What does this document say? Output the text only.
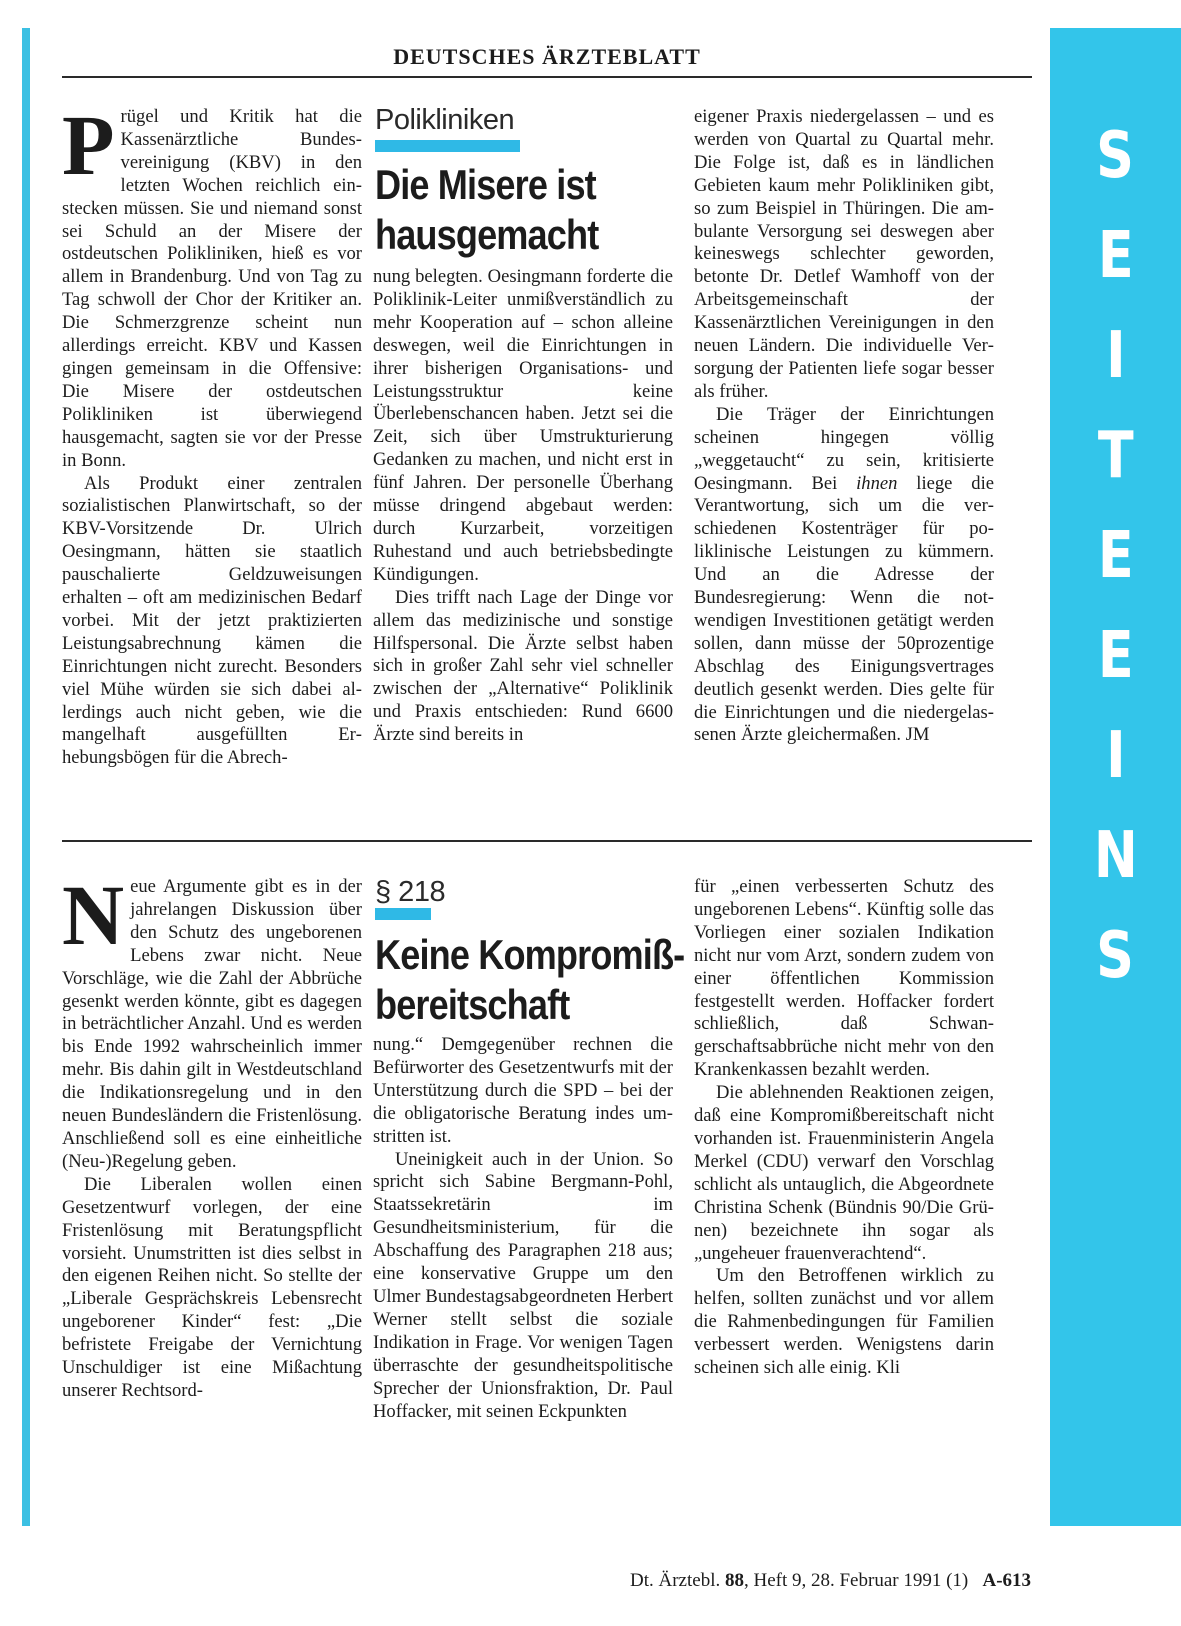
S
E
I
T
E
E
I
N
S
DEUTSCHES ÄRZTEBLATT

Prügel und Kritik hat die Kassenärztliche Bundesvereinigung (KBV) in den letzten Wochen reichlich einstecken müssen. Sie und niemand sonst sei Schuld an der Misere der ostdeutschen Polikliniken, hieß es vor allem in Brandenburg. Und von Tag zu Tag schwoll der Chor der Kritiker an. Die Schmerzgrenze scheint nun allerdings erreicht. KBV und Kassen gingen gemeinsam in die Offensive: Die Misere der ostdeutschen Polikliniken ist überwiegend hausgemacht, sagten sie vor der Presse in Bonn.

Als Produkt einer zentralen sozialistischen Planwirtschaft, so der KBV-Vorsitzende Dr. Ulrich Oesingmann, hätten sie staatlich pauschalierte Geldzuweisungen erhalten – oft am medizinischen Bedarf vorbei. Mit der jetzt praktizierten Leistungsabrechnung kämen die Einrichtungen nicht zurecht. Besonders viel Mühe würden sie sich dabei allerdings auch nicht geben, wie die mangelhaft ausgefüllten Erhebungsbögen für die Abrech-

Polikliniken
Die Misere ist
hausgemacht

nung belegten. Oesingmann forderte die Poliklinik-Leiter unmißverständlich zu mehr Kooperation auf – schon alleine deswegen, weil die Einrichtungen in ihrer bisherigen Organisations- und Leistungsstruktur keine Überlebenschancen haben. Jetzt sei die Zeit, sich über Umstrukturierung Gedanken zu machen, und nicht erst in fünf Jahren. Der personelle Überhang müsse dringend abgebaut werden: durch Kurzarbeit, vorzeitigen Ruhestand und auch betriebsbedingte Kündigungen.

Dies trifft nach Lage der Dinge vor allem das medizinische und sonstige Hilfspersonal. Die Ärzte selbst haben sich in großer Zahl sehr viel schneller zwischen der „Alternative“ Poliklinik und Praxis entschieden: Rund 6600 Ärzte sind bereits in

eigener Praxis niedergelassen – und es werden von Quartal zu Quartal mehr. Die Folge ist, daß es in ländlichen Gebieten kaum mehr Polikliniken gibt, so zum Beispiel in Thüringen. Die ambulante Versorgung sei deswegen aber keineswegs schlechter geworden, betonte Dr. Detlef Wamhoff von der Arbeitsgemeinschaft der Kassenärztlichen Vereinigungen in den neuen Ländern. Die individuelle Versorgung der Patienten liefe sogar besser als früher.

Die Träger der Einrichtungen scheinen hingegen völlig „weggetaucht“ zu sein, kritisierte Oesingmann. Bei ihnen liege die Verantwortung, sich um die verschiedenen Kostenträger für poliklinische Leistungen zu kümmern. Und an die Adresse der Bundesregierung: Wenn die notwendigen Investitionen getätigt werden sollen, dann müsse der 50prozentige Abschlag des Einigungsvertrages deutlich gesenkt werden. Dies gelte für die Einrichtungen und die niedergelassenen Ärzte gleichermaßen. JM

Neue Argumente gibt es in der jahrelangen Diskussion über den Schutz des ungeborenen Lebens zwar nicht. Neue Vorschläge, wie die Zahl der Abbrüche gesenkt werden könnte, gibt es dagegen in beträchtlicher Anzahl. Und es werden bis Ende 1992 wahrscheinlich immer mehr. Bis dahin gilt in Westdeutschland die Indikationsregelung und in den neuen Bundesländern die Fristenlösung. Anschließend soll es eine einheitliche (Neu-)Regelung geben.

Die Liberalen wollen einen Gesetzentwurf vorlegen, der eine Fristenlösung mit Beratungspflicht vorsieht. Unumstritten ist dies selbst in den eigenen Reihen nicht. So stellte der „Liberale Gesprächskreis Lebensrecht ungeborener Kinder“ fest: „Die befristete Freigabe der Vernichtung Unschuldiger ist eine Mißachtung unserer Rechtsord-

§ 218
Keine Kompromiß-
bereitschaft

nung.“ Demgegenüber rechnen die Befürworter des Gesetzentwurfs mit der Unterstützung durch die SPD – bei der die obligatorische Beratung indes umstritten ist.

Uneinigkeit auch in der Union. So spricht sich Sabine Bergmann-Pohl, Staatssekretärin im Gesundheitsministerium, für die Abschaffung des Paragraphen 218 aus; eine konservative Gruppe um den Ulmer Bundestagsabgeordneten Herbert Werner stellt selbst die soziale Indikation in Frage. Vor wenigen Tagen überraschte der gesundheitspolitische Sprecher der Unionsfraktion, Dr. Paul Hoffacker, mit seinen Eckpunkten

für „einen verbesserten Schutz des ungeborenen Lebens“. Künftig solle das Vorliegen einer sozialen Indikation nicht nur vom Arzt, sondern zudem von einer öffentlichen Kommission festgestellt werden. Hoffacker fordert schließlich, daß Schwangerschaftsabbrüche nicht mehr von den Krankenkassen bezahlt werden.

Die ablehnenden Reaktionen zeigen, daß eine Kompromißbereitschaft nicht vorhanden ist. Frauenministerin Angela Merkel (CDU) verwarf den Vorschlag schlicht als untauglich, die Abgeordnete Christina Schenk (Bündnis 90/Die Grünen) bezeichnete ihn sogar als „ungeheuer frauenverachtend“.

Um den Betroffenen wirklich zu helfen, sollten zunächst und vor allem die Rahmenbedingungen für Familien verbessert werden. Wenigstens darin scheinen sich alle einig. Kli

Dt. Ärztebl. 88, Heft 9, 28. Februar 1991 (1) A-613
